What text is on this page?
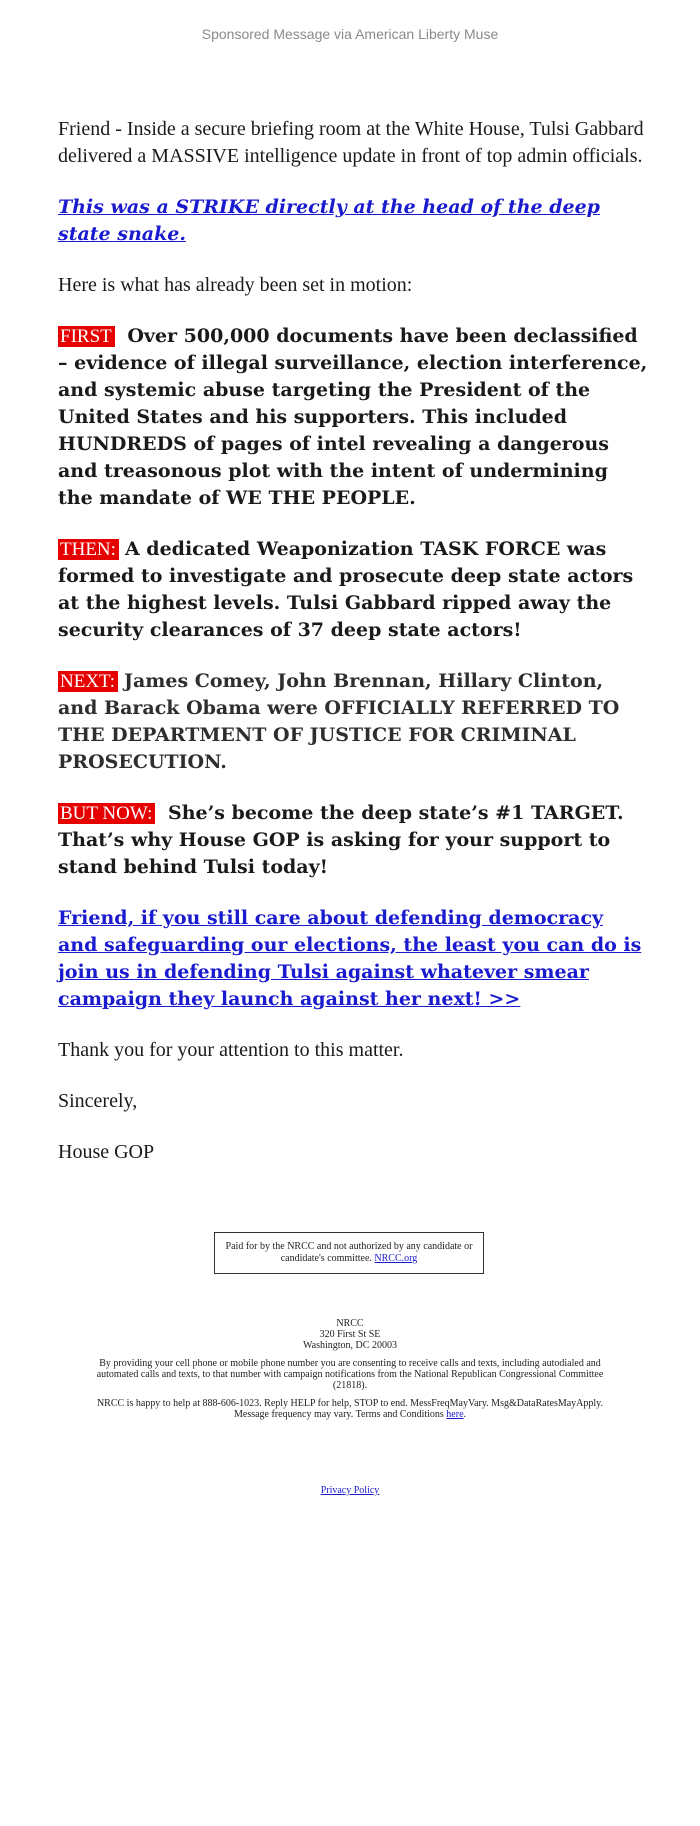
Sponsored Message via American Liberty Muse

Friend - Inside a secure briefing room at the White House, Tulsi Gabbard delivered a MASSIVE intelligence update in front of top admin officials.

This was a STRIKE directly at the head of the deep state snake.

Here is what has already been set in motion:

FIRST Over 500,000 documents have been declassified – evidence of illegal surveillance, election interference, and systemic abuse targeting the President of the United States and his supporters. This included HUNDREDS of pages of intel revealing a dangerous and treasonous plot with the intent of undermining the mandate of WE THE PEOPLE.

THEN: A dedicated Weaponization TASK FORCE was formed to investigate and prosecute deep state actors at the highest levels. Tulsi Gabbard ripped away the security clearances of 37 deep state actors!

NEXT: James Comey, John Brennan, Hillary Clinton, and Barack Obama were OFFICIALLY REFERRED TO THE DEPARTMENT OF JUSTICE FOR CRIMINAL PROSECUTION.

BUT NOW: She’s become the deep state’s #1 TARGET. That’s why House GOP is asking for your support to stand behind Tulsi today!

Friend, if you still care about defending democracy and safeguarding our elections, the least you can do is join us in defending Tulsi against whatever smear campaign they launch against her next! >>

Thank you for your attention to this matter.

Sincerely,

House GOP

Paid for by the NRCC and not authorized by any candidate or candidate's committee. NRCC.org
NRCC
320 First St SE
Washington, DC 20003
By providing your cell phone or mobile phone number you are consenting to receive calls and texts, including autodialed and automated calls and texts, to that number with campaign notifications from the National Republican Congressional Committee (21818).
NRCC is happy to help at 888-606-1023. Reply HELP for help, STOP to end. MessFreqMayVary. Msg&DataRatesMayApply. Message frequency may vary. Terms and Conditions here.
Privacy Policy
